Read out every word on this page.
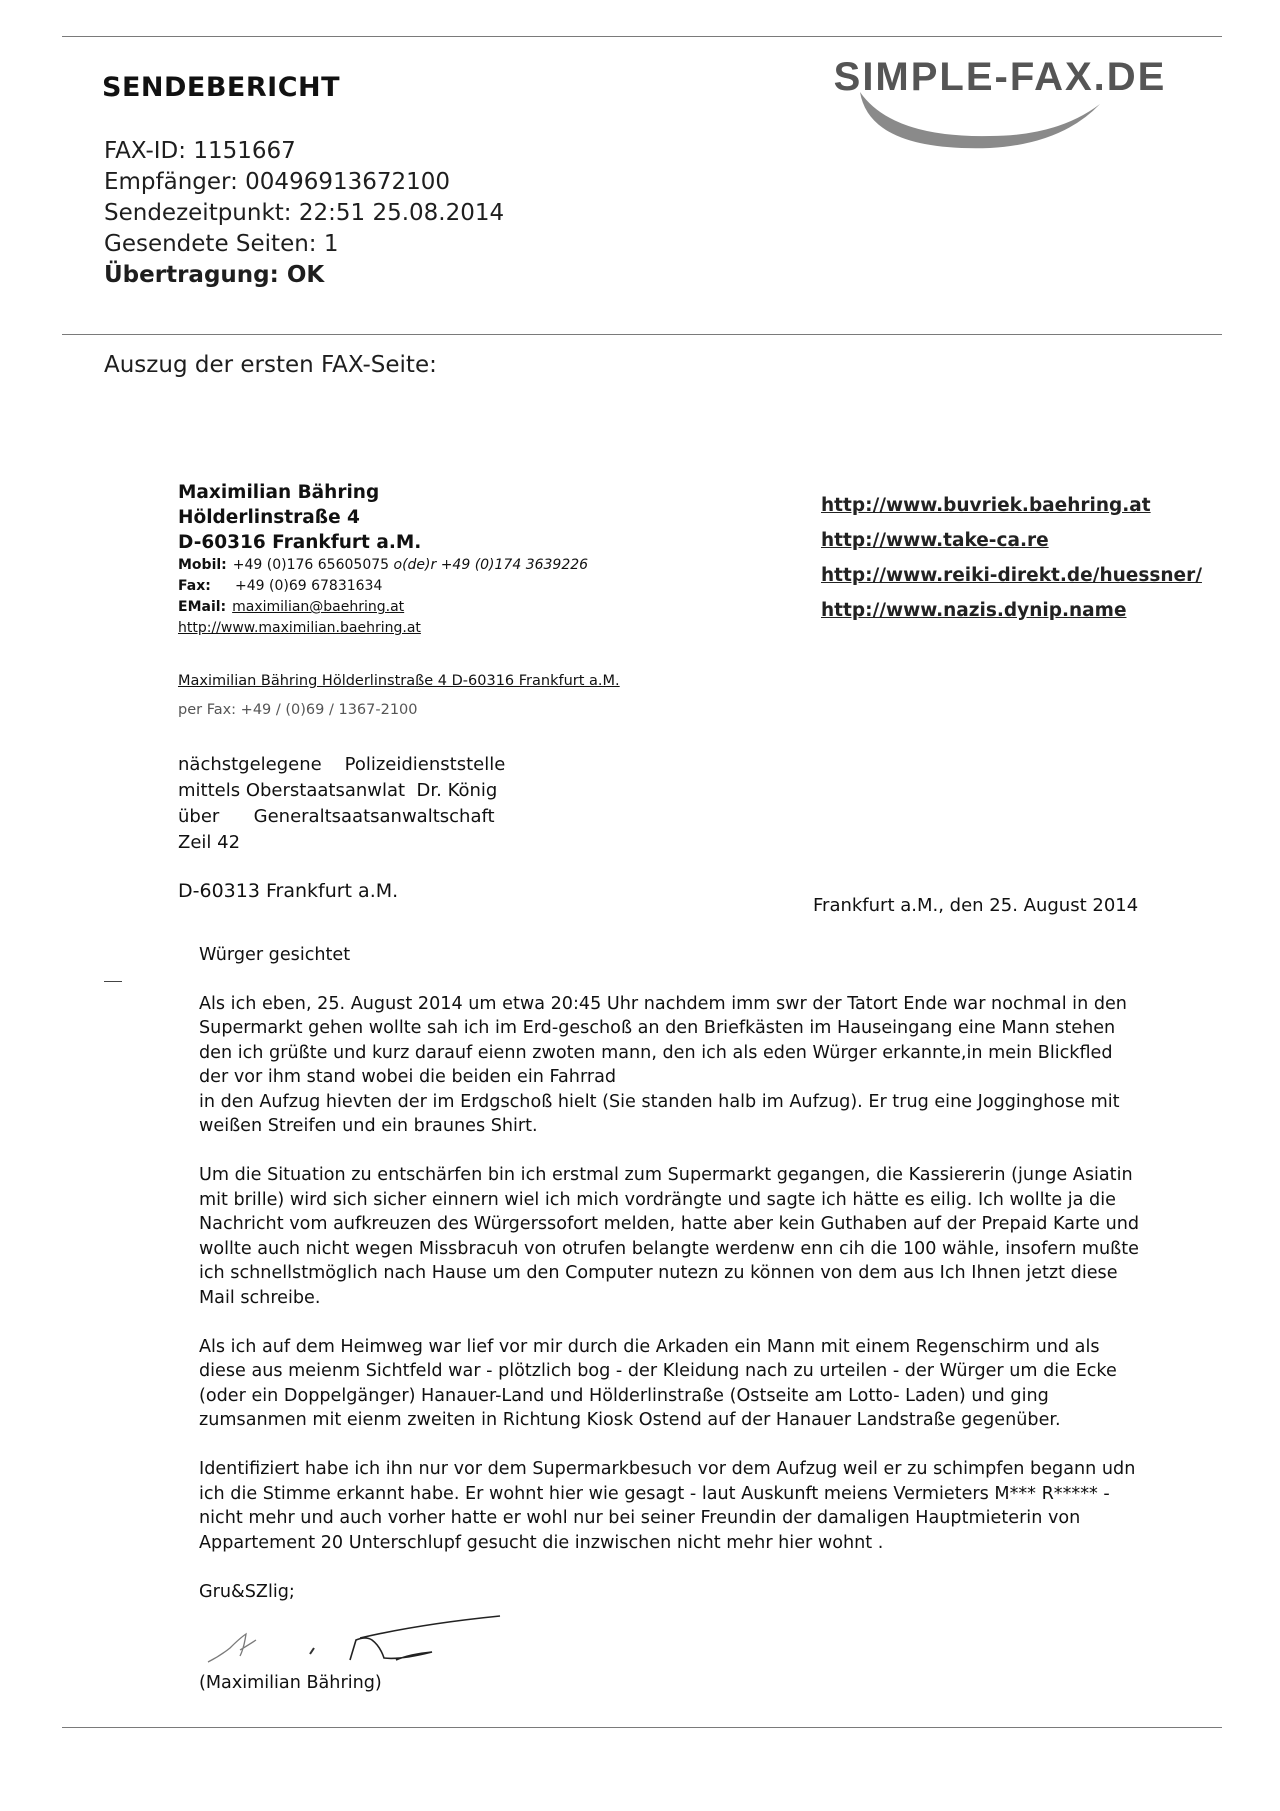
SENDEBERICHT	SIMPLE-FAX.DE
FAX-ID: 1151667
Empfänger: 00496913672100
Sendezeitpunkt: 22:51 25.08.2014
Gesendete Seiten: 1
Übertragung: OK
Auszug der ersten FAX-Seite:
Maximilian Bähring
Hölderlinstraße 4
D-60316 Frankfurt a.M.
Mobil: +49 (0)176 65605075 o(de)r +49 (0)174 3639226
Fax: +49 (0)69 67831634
EMail: maximilian@baehring.at
http://www.maximilian.baehring.at
http://www.buvriek.baehring.at
http://www.take-ca.re
http://www.reiki-direkt.de/huessner/
http://www.nazis.dynip.name
Maximilian Bähring Hölderlinstraße 4 D-60316 Frankfurt a.M.
per Fax: +49 / (0)69 / 1367-2100
nächstgelegene    Polizeidienststelle
mittels Oberstaatsanwlat  Dr. König
über      Generaltsaatsanwaltschaft
Zeil 42
D-60313 Frankfurt a.M.
Frankfurt a.M., den 25. August 2014

Würger gesichtet

Als ich eben, 25. August 2014 um etwa 20:45 Uhr nachdem imm swr der Tatort Ende war nochmal in den

Supermarkt gehen wollte sah ich im Erd-geschoß an den Briefkästen im Hauseingang eine Mann stehen

den ich grüßte und kurz darauf eienn zwoten mann, den ich als eden Würger erkannte,in mein Blickfled

der vor ihm stand wobei die beiden ein Fahrrad

in den Aufzug hievten der im Erdgschoß hielt (Sie standen halb im Aufzug). Er trug eine Jogginghose mit

weißen Streifen und ein braunes Shirt.

Um die Situation zu entschärfen bin ich erstmal zum Supermarkt gegangen, die Kassiererin (junge Asiatin

mit brille) wird sich sicher einnern wiel ich mich vordrängte und sagte ich hätte es eilig. Ich wollte ja die

Nachricht vom aufkreuzen des Würgerssofort melden, hatte aber kein Guthaben auf der Prepaid Karte und

wollte auch nicht wegen Missbracuh von otrufen belangte werdenw enn cih die 100 wähle, insofern mußte

ich schnellstmöglich nach Hause um den Computer nutezn zu können von dem aus Ich Ihnen jetzt diese

Mail schreibe.

Als ich auf dem Heimweg war lief vor mir durch die Arkaden ein Mann mit einem Regenschirm und als

diese aus meienm Sichtfeld war - plötzlich bog - der Kleidung nach zu urteilen - der Würger um die Ecke

(oder ein Doppelgänger) Hanauer-Land und Hölderlinstraße (Ostseite am Lotto- Laden) und ging

zumsanmen mit eienm zweiten in Richtung Kiosk Ostend auf der Hanauer Landstraße gegenüber.

Identifiziert habe ich ihn nur vor dem Supermarkbesuch vor dem Aufzug weil er zu schimpfen begann udn

ich die Stimme erkannt habe. Er wohnt hier wie gesagt - laut Auskunft meiens Vermieters M*** R***** -

nicht mehr und auch vorher hatte er wohl nur bei seiner Freundin der damaligen Hauptmieterin von

Appartement 20 Unterschlupf gesucht die inzwischen nicht mehr hier wohnt .

Gru&SZlig;

(Maximilian Bähring)
